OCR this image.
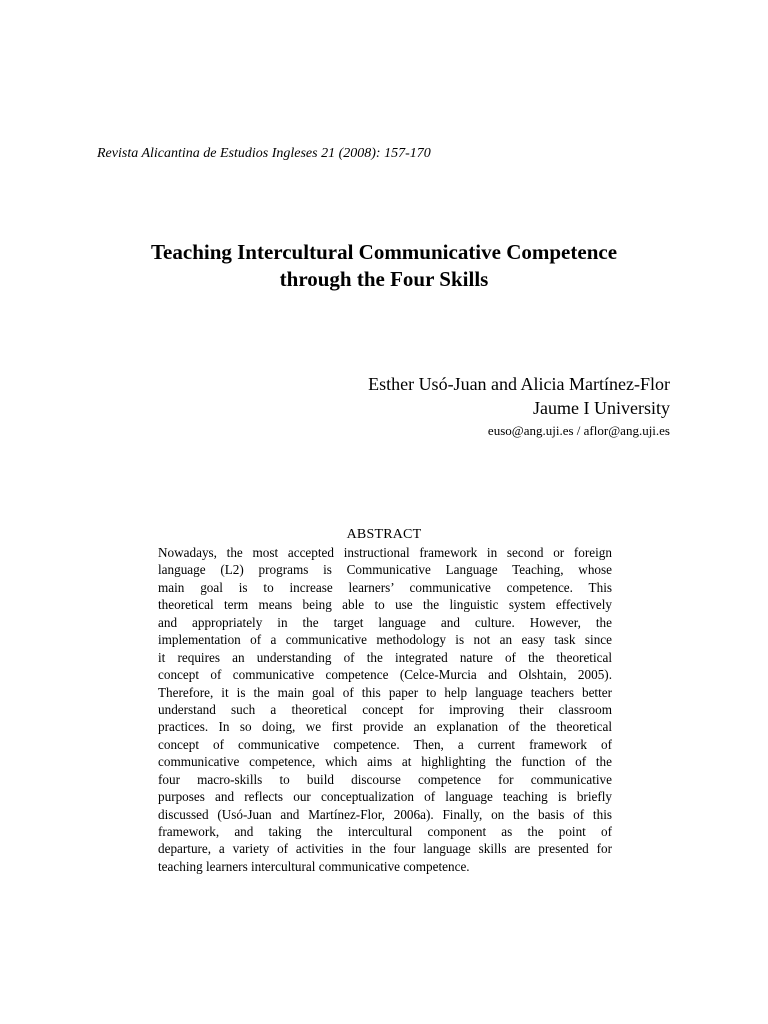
Revista Alicantina de Estudios Ingleses 21 (2008): 157-170
Teaching Intercultural Communicative Competence
through the Four Skills
Esther Usó-Juan and Alicia Martínez-Flor
Jaume I University
euso@ang.uji.es / aflor@ang.uji.es
ABSTRACT
Nowadays, the most accepted instructional framework in second or foreign
language (L2) programs is Communicative Language Teaching, whose
main goal is to increase learners’ communicative competence. This
theoretical term means being able to use the linguistic system effectively
and appropriately in the target language and culture. However, the
implementation of a communicative methodology is not an easy task since
it requires an understanding of the integrated nature of the theoretical
concept of communicative competence (Celce-Murcia and Olshtain, 2005).
Therefore, it is the main goal of this paper to help language teachers better
understand such a theoretical concept for improving their classroom
practices. In so doing, we first provide an explanation of the theoretical
concept of communicative competence. Then, a current framework of
communicative competence, which aims at highlighting the function of the
four macro-skills to build discourse competence for communicative
purposes and reflects our conceptualization of language teaching is briefly
discussed (Usó-Juan and Martínez-Flor, 2006a). Finally, on the basis of this
framework, and taking the intercultural component as the point of
departure, a variety of activities in the four language skills are presented for
teaching learners intercultural communicative competence.
